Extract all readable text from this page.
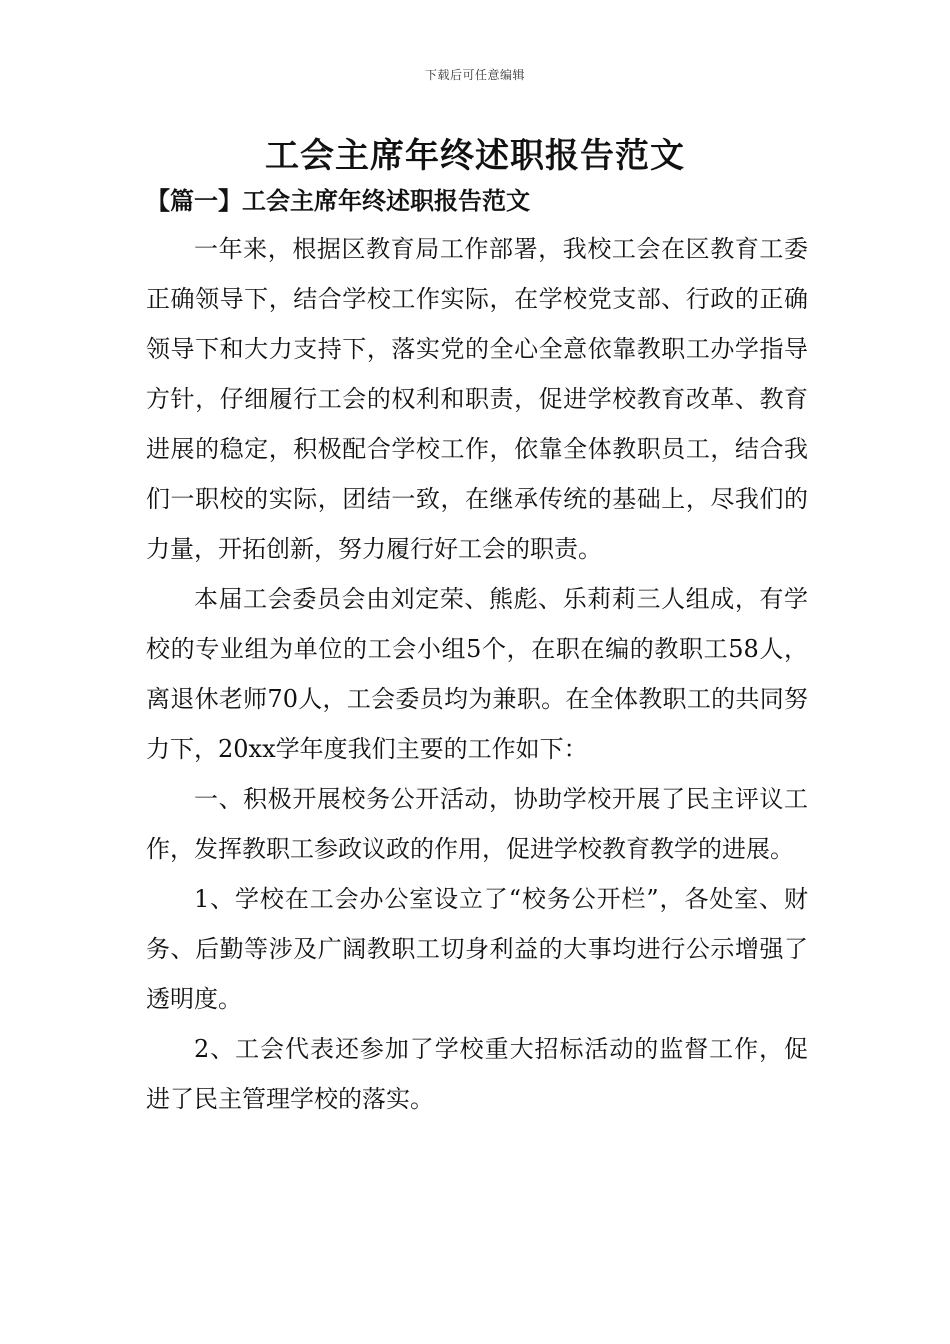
下载后可任意编辑
工会主席年终述职报告范文
【篇一】工会主席年终述职报告范文

一年来，根据区教育局工作部署，我校工会在区教育工委正确领导下，结合学校工作实际，在学校党支部、行政的正确领导下和大力支持下，落实党的全心全意依靠教职工办学指导方针，仔细履行工会的权利和职责，促进学校教育改革、教育进展的稳定，积极配合学校工作，依靠全体教职员工，结合我们一职校的实际，团结一致，在继承传统的基础上，尽我们的力量，开拓创新，努力履行好工会的职责。

本届工会委员会由刘定荣、熊彪、乐莉莉三人组成，有学校的专业组为单位的工会小组5个，在职在编的教职工58人，离退休老师70人，工会委员均为兼职。在全体教职工的共同努力下，20xx学年度我们主要的工作如下：

一、积极开展校务公开活动，协助学校开展了民主评议工作，发挥教职工参政议政的作用，促进学校教育教学的进展。

1、学校在工会办公室设立了“校务公开栏”，各处室、财务、后勤等涉及广阔教职工切身利益的大事均进行公示增强了透明度。

2、工会代表还参加了学校重大招标活动的监督工作，促进了民主管理学校的落实。
